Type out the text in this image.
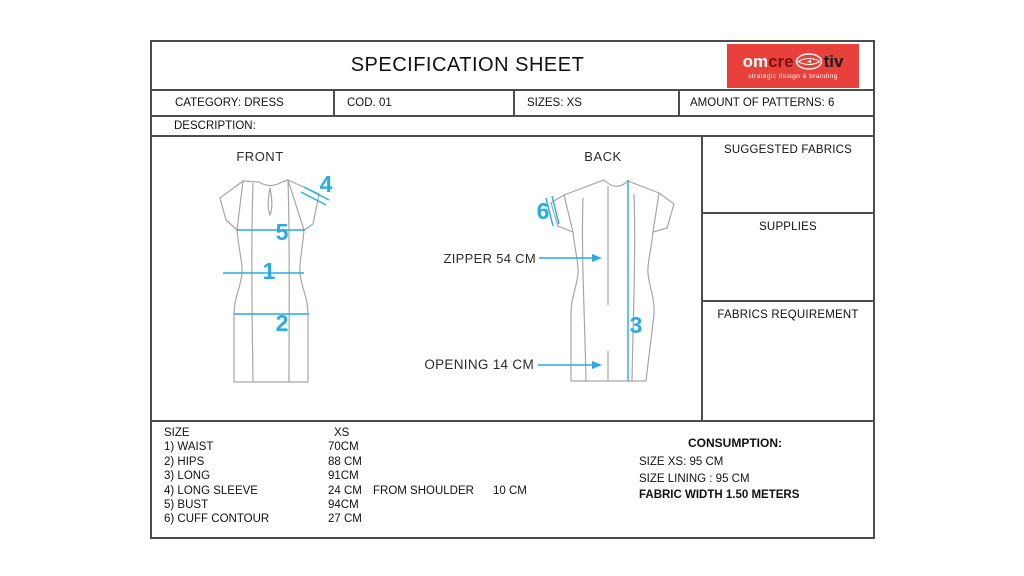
SPECIFICATION SHEET	om cre tiv
strategic design & branding
CATEGORY: DRESS	COD. 01	SIZES: XS	AMOUNT OF PATTERNS: 6
DESCRIPTION:
FRONT	BACK
1
2	3
4
5
6
ZIPPER 54 CM
OPENING 14 CM
SUGGESTED FABRICS
SUPPLIES
FABRICS REQUIREMENT
SIZE	XS
1) WAIST	70CM
2) HIPS	88 CM
3) LONG	91CM
4) LONG SLEEVE	24 CM FROM SHOULDER	10 CM
5) BUST	94CM
6) CUFF CONTOUR	27 CM
CONSUMPTION:
SIZE XS: 95 CM
SIZE LINING : 95 CM
FABRIC WIDTH 1.50 METERS
